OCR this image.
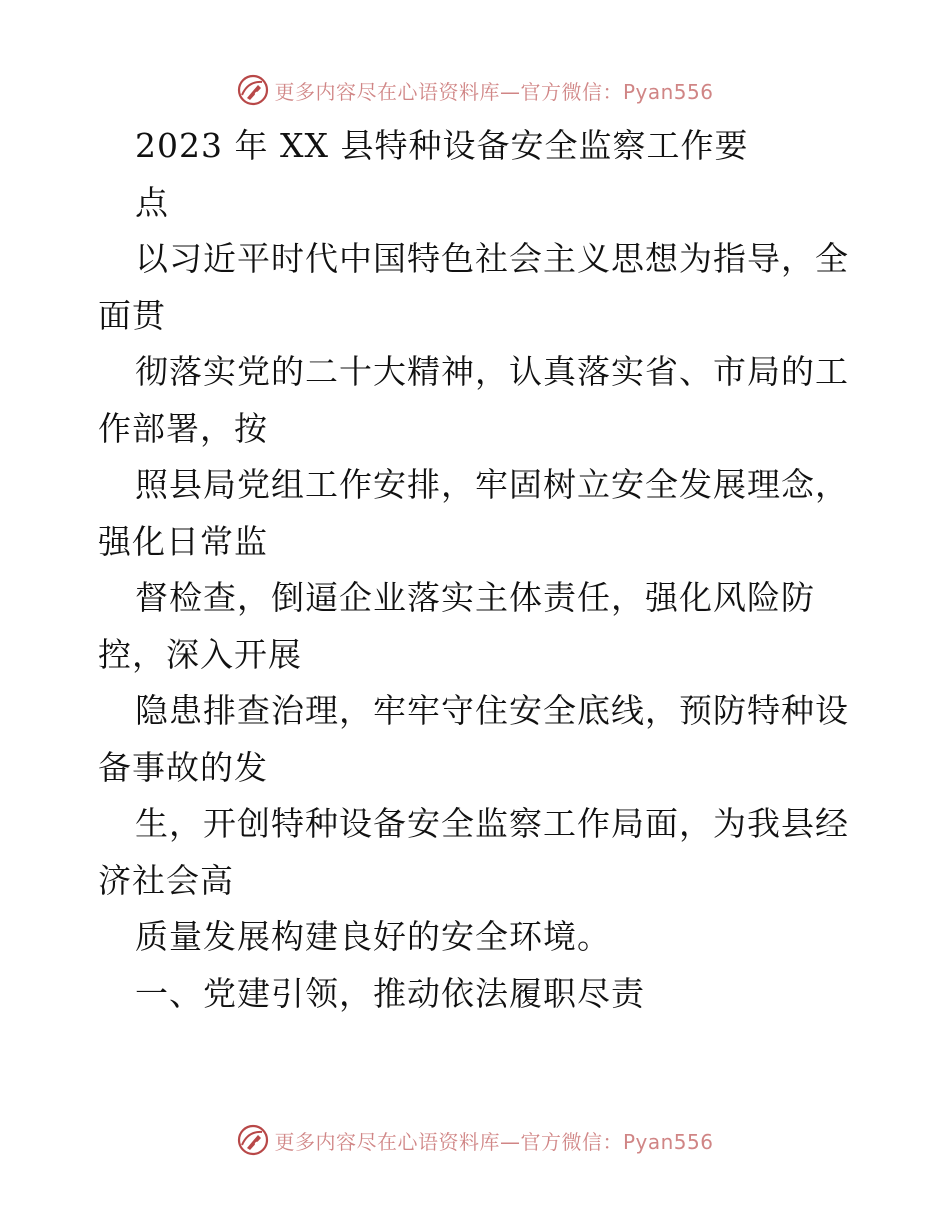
更多内容尽在心语资料库—官方微信：Pyan556
2023 年 XX 县特种设备安全监察工作要
点
以习近平时代中国特色社会主义思想为指导，全
面贯
彻落实党的二十大精神，认真落实省、市局的工
作部署，按
照县局党组工作安排，牢固树立安全发展理念，
强化日常监
督检查，倒逼企业落实主体责任，强化风险防
控，深入开展
隐患排查治理，牢牢守住安全底线，预防特种设
备事故的发
生，开创特种设备安全监察工作局面，为我县经
济社会高
质量发展构建良好的安全环境。
一、党建引领，推动依法履职尽责
更多内容尽在心语资料库—官方微信：Pyan556
